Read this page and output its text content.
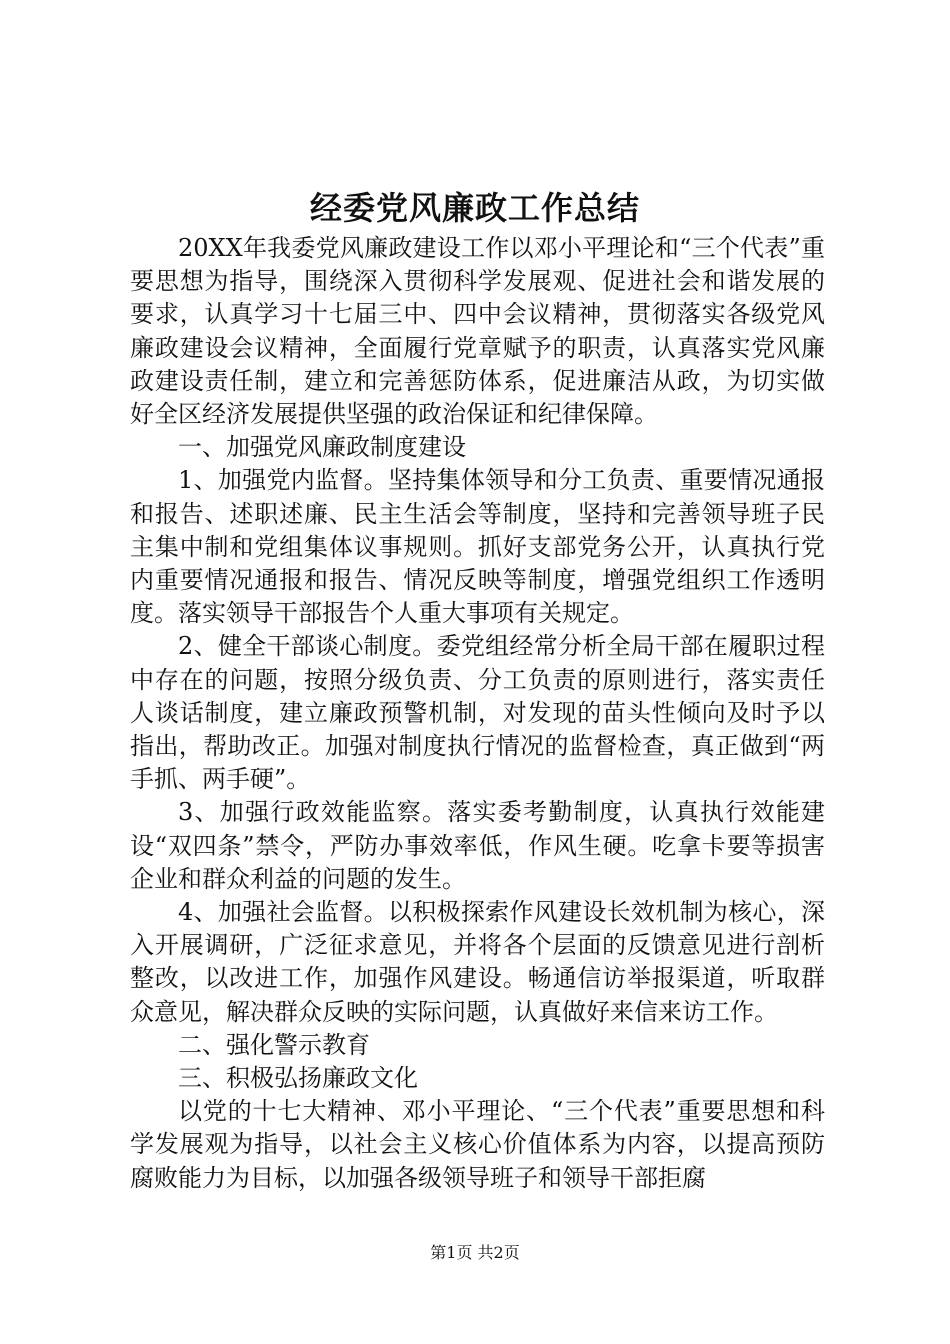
经委党风廉政工作总结

20XX年我委党风廉政建设工作以邓小平理论和“三个代表”重要思想为指导，围绕深入贯彻科学发展观、促进社会和谐发展的要求，认真学习十七届三中、四中会议精神，贯彻落实各级党风廉政建设会议精神，全面履行党章赋予的职责，认真落实党风廉政建设责任制，建立和完善惩防体系，促进廉洁从政，为切实做好全区经济发展提供坚强的政治保证和纪律保障。

一、加强党风廉政制度建设

1、加强党内监督。坚持集体领导和分工负责、重要情况通报和报告、述职述廉、民主生活会等制度，坚持和完善领导班子民主集中制和党组集体议事规则。抓好支部党务公开，认真执行党内重要情况通报和报告、情况反映等制度，增强党组织工作透明度。落实领导干部报告个人重大事项有关规定。

2、健全干部谈心制度。委党组经常分析全局干部在履职过程中存在的问题，按照分级负责、分工负责的原则进行，落实责任人谈话制度，建立廉政预警机制，对发现的苗头性倾向及时予以指出，帮助改正。加强对制度执行情况的监督检查，真正做到“两手抓、两手硬”。

3、加强行政效能监察。落实委考勤制度，认真执行效能建设“双四条”禁令，严防办事效率低，作风生硬。吃拿卡要等损害企业和群众利益的问题的发生。

4、加强社会监督。以积极探索作风建设长效机制为核心，深入开展调研，广泛征求意见，并将各个层面的反馈意见进行剖析整改，以改进工作，加强作风建设。畅通信访举报渠道，听取群众意见，解决群众反映的实际问题，认真做好来信来访工作。

二、强化警示教育

三、积极弘扬廉政文化

以党的十七大精神、邓小平理论、“三个代表”重要思想和科学发展观为指导，以社会主义核心价值体系为内容，以提高预防腐败能力为目标，以加强各级领导班子和领导干部拒腐

第1页 共2页
